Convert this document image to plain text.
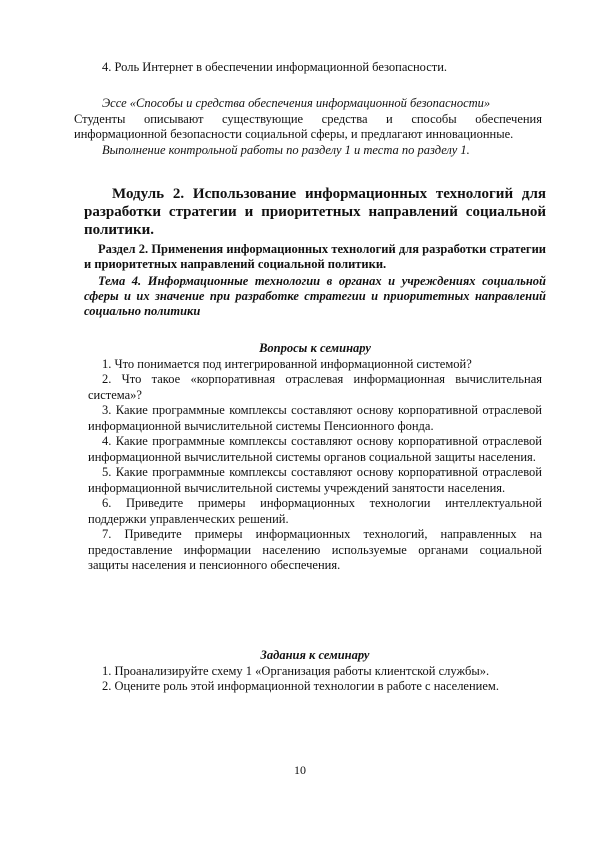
4. Роль Интернет в обеспечении информационной безопасности.

Эссе «Способы и средства обеспечения информационной безопасности»

Студенты описывают существующие средства и способы обеспечения информационной безопасности социальной сферы, и предлагают инновационные.

Выполнение контрольной работы по разделу 1 и теста по разделу 1.

Модуль 2. Использование информационных технологий для разработки стратегии и приоритетных направлений социальной политики.

Раздел 2. Применения информационных технологий для разработки стратегии и приоритетных направлений социальной политики.

Тема 4. Информационные технологии в органах и учреждениях социальной сферы и их значение при разработке стратегии и приоритетных направлений социально политики

Вопросы к семинару

1. Что понимается под интегрированной информационной системой?

2. Что такое «корпоративная отраслевая информационная вычислительная система»?

3. Какие программные комплексы составляют основу корпоративной отраслевой информационной вычислительной системы Пенсионного фонда.

4. Какие программные комплексы составляют основу корпоративной отраслевой информационной вычислительной системы органов социальной защиты населения.

5. Какие программные комплексы составляют основу корпоративной отраслевой информационной вычислительной системы учреждений занятости населения.

6. Приведите примеры информационных технологии интеллектуальной поддержки управленческих решений.

7. Приведите примеры информационных технологий, направленных на предоставление информации населению используемые органами социальной защиты населения и пенсионного обеспечения.

Задания к семинару

1. Проанализируйте схему 1 «Организация работы клиентской службы».

2. Оцените роль этой информационной технологии в работе с населением.

10
